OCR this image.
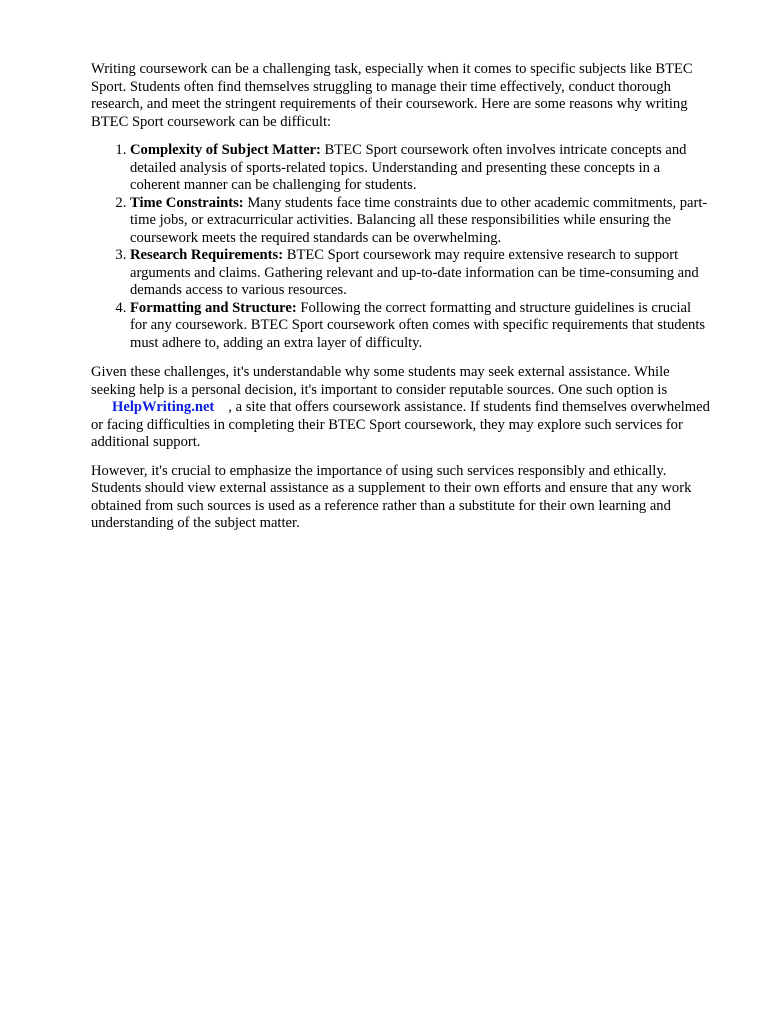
Writing coursework can be a challenging task, especially when it comes to specific subjects like BTEC Sport. Students often find themselves struggling to manage their time effectively, conduct thorough research, and meet the stringent requirements of their coursework. Here are some reasons why writing BTEC Sport coursework can be difficult:

1. Complexity of Subject Matter: BTEC Sport coursework often involves intricate concepts and detailed analysis of sports-related topics. Understanding and presenting these concepts in a coherent manner can be challenging for students.
2. Time Constraints: Many students face time constraints due to other academic commitments, part-time jobs, or extracurricular activities. Balancing all these responsibilities while ensuring the coursework meets the required standards can be overwhelming.
3. Research Requirements: BTEC Sport coursework may require extensive research to support arguments and claims. Gathering relevant and up-to-date information can be time-consuming and demands access to various resources.
4. Formatting and Structure: Following the correct formatting and structure guidelines is crucial for any coursework. BTEC Sport coursework often comes with specific requirements that students must adhere to, adding an extra layer of difficulty.

Given these challenges, it's understandable why some students may seek external assistance. While seeking help is a personal decision, it's important to consider reputable sources. One such option is
HelpWriting.net , a site that offers coursework assistance. If students find themselves overwhelmed or facing difficulties in completing their BTEC Sport coursework, they may explore such services for additional support.

However, it's crucial to emphasize the importance of using such services responsibly and ethically. Students should view external assistance as a supplement to their own efforts and ensure that any work obtained from such sources is used as a reference rather than a substitute for their own learning and understanding of the subject matter.
